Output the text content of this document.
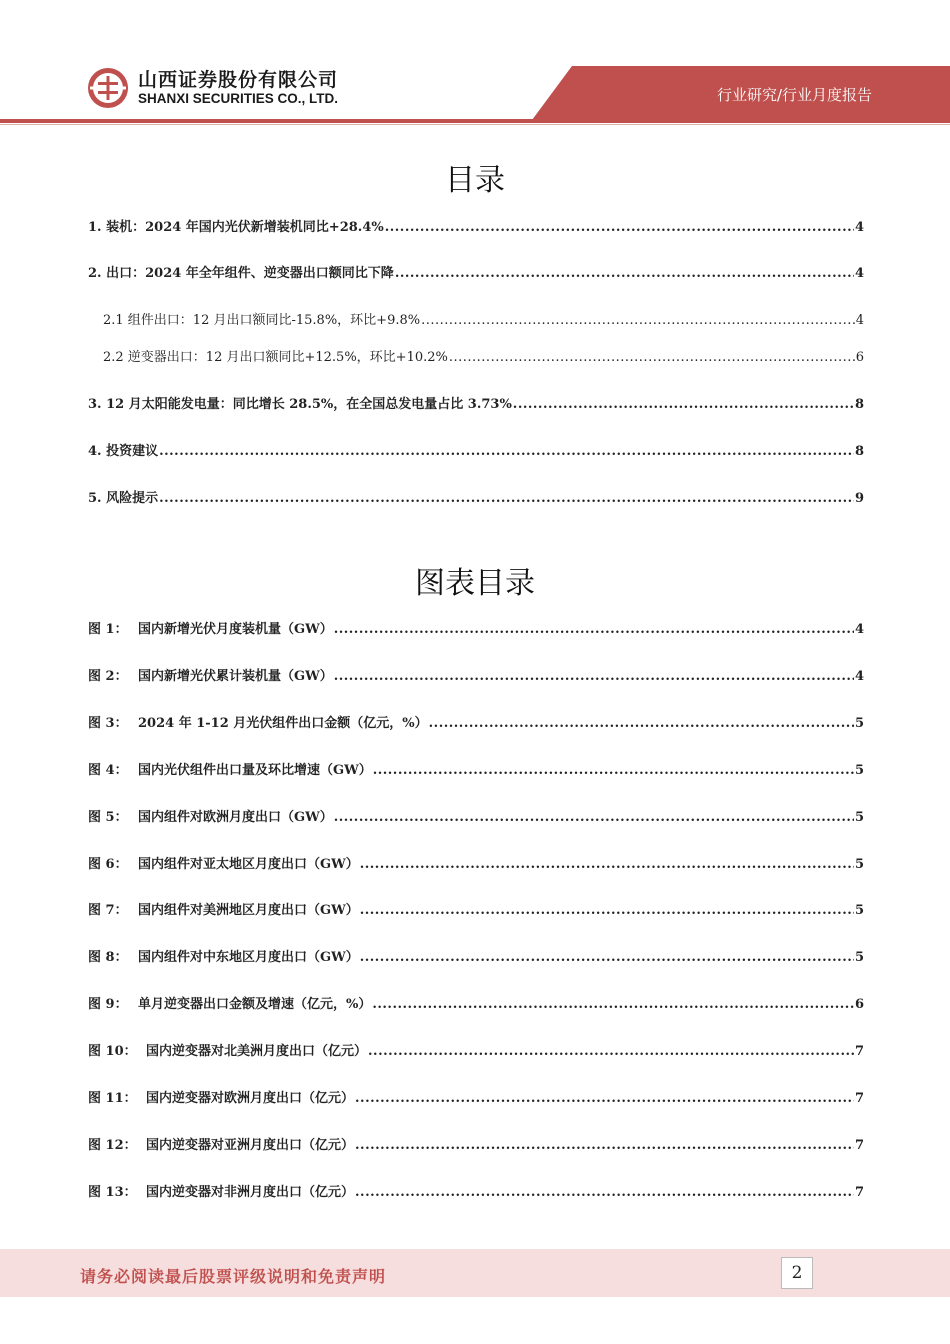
山西证券股份有限公司
SHANXI SECURITIES CO., LTD.	行业研究/行业月度报告
目录
1. 装机：2024 年国内光伏新增装机同比+28.4% .....	4
2. 出口：2024 年全年组件、逆变器出口额同比下降 .....	4
2.1 组件出口：12 月出口额同比-15.8%，环比+9.8% .....	4
2.2 逆变器出口：12 月出口额同比+12.5%，环比+10.2% .....	6
3. 12 月太阳能发电量：同比增长 28.5%，在全国总发电量占比 3.73% .....	8
4. 投资建议 .....	8
5. 风险提示 .....	9
图表目录
图 1： 国内新增光伏月度装机量（GW） .....	4
图 2： 国内新增光伏累计装机量（GW） .....	4
图 3： 2024 年 1-12 月光伏组件出口金额（亿元，%） .....	5
图 4： 国内光伏组件出口量及环比增速（GW） .....	5
图 5： 国内组件对欧洲月度出口（GW） .....	5
图 6： 国内组件对亚太地区月度出口（GW） .....	5
图 7： 国内组件对美洲地区月度出口（GW） .....	5
图 8： 国内组件对中东地区月度出口（GW） .....	5
图 9： 单月逆变器出口金额及增速（亿元，%） .....	6
图 10： 国内逆变器对北美洲月度出口（亿元） .....	7
图 11： 国内逆变器对欧洲月度出口（亿元） .....	7
图 12： 国内逆变器对亚洲月度出口（亿元） .....	7
图 13： 国内逆变器对非洲月度出口（亿元） .....	7
请务必阅读最后股票评级说明和免责声明	2
